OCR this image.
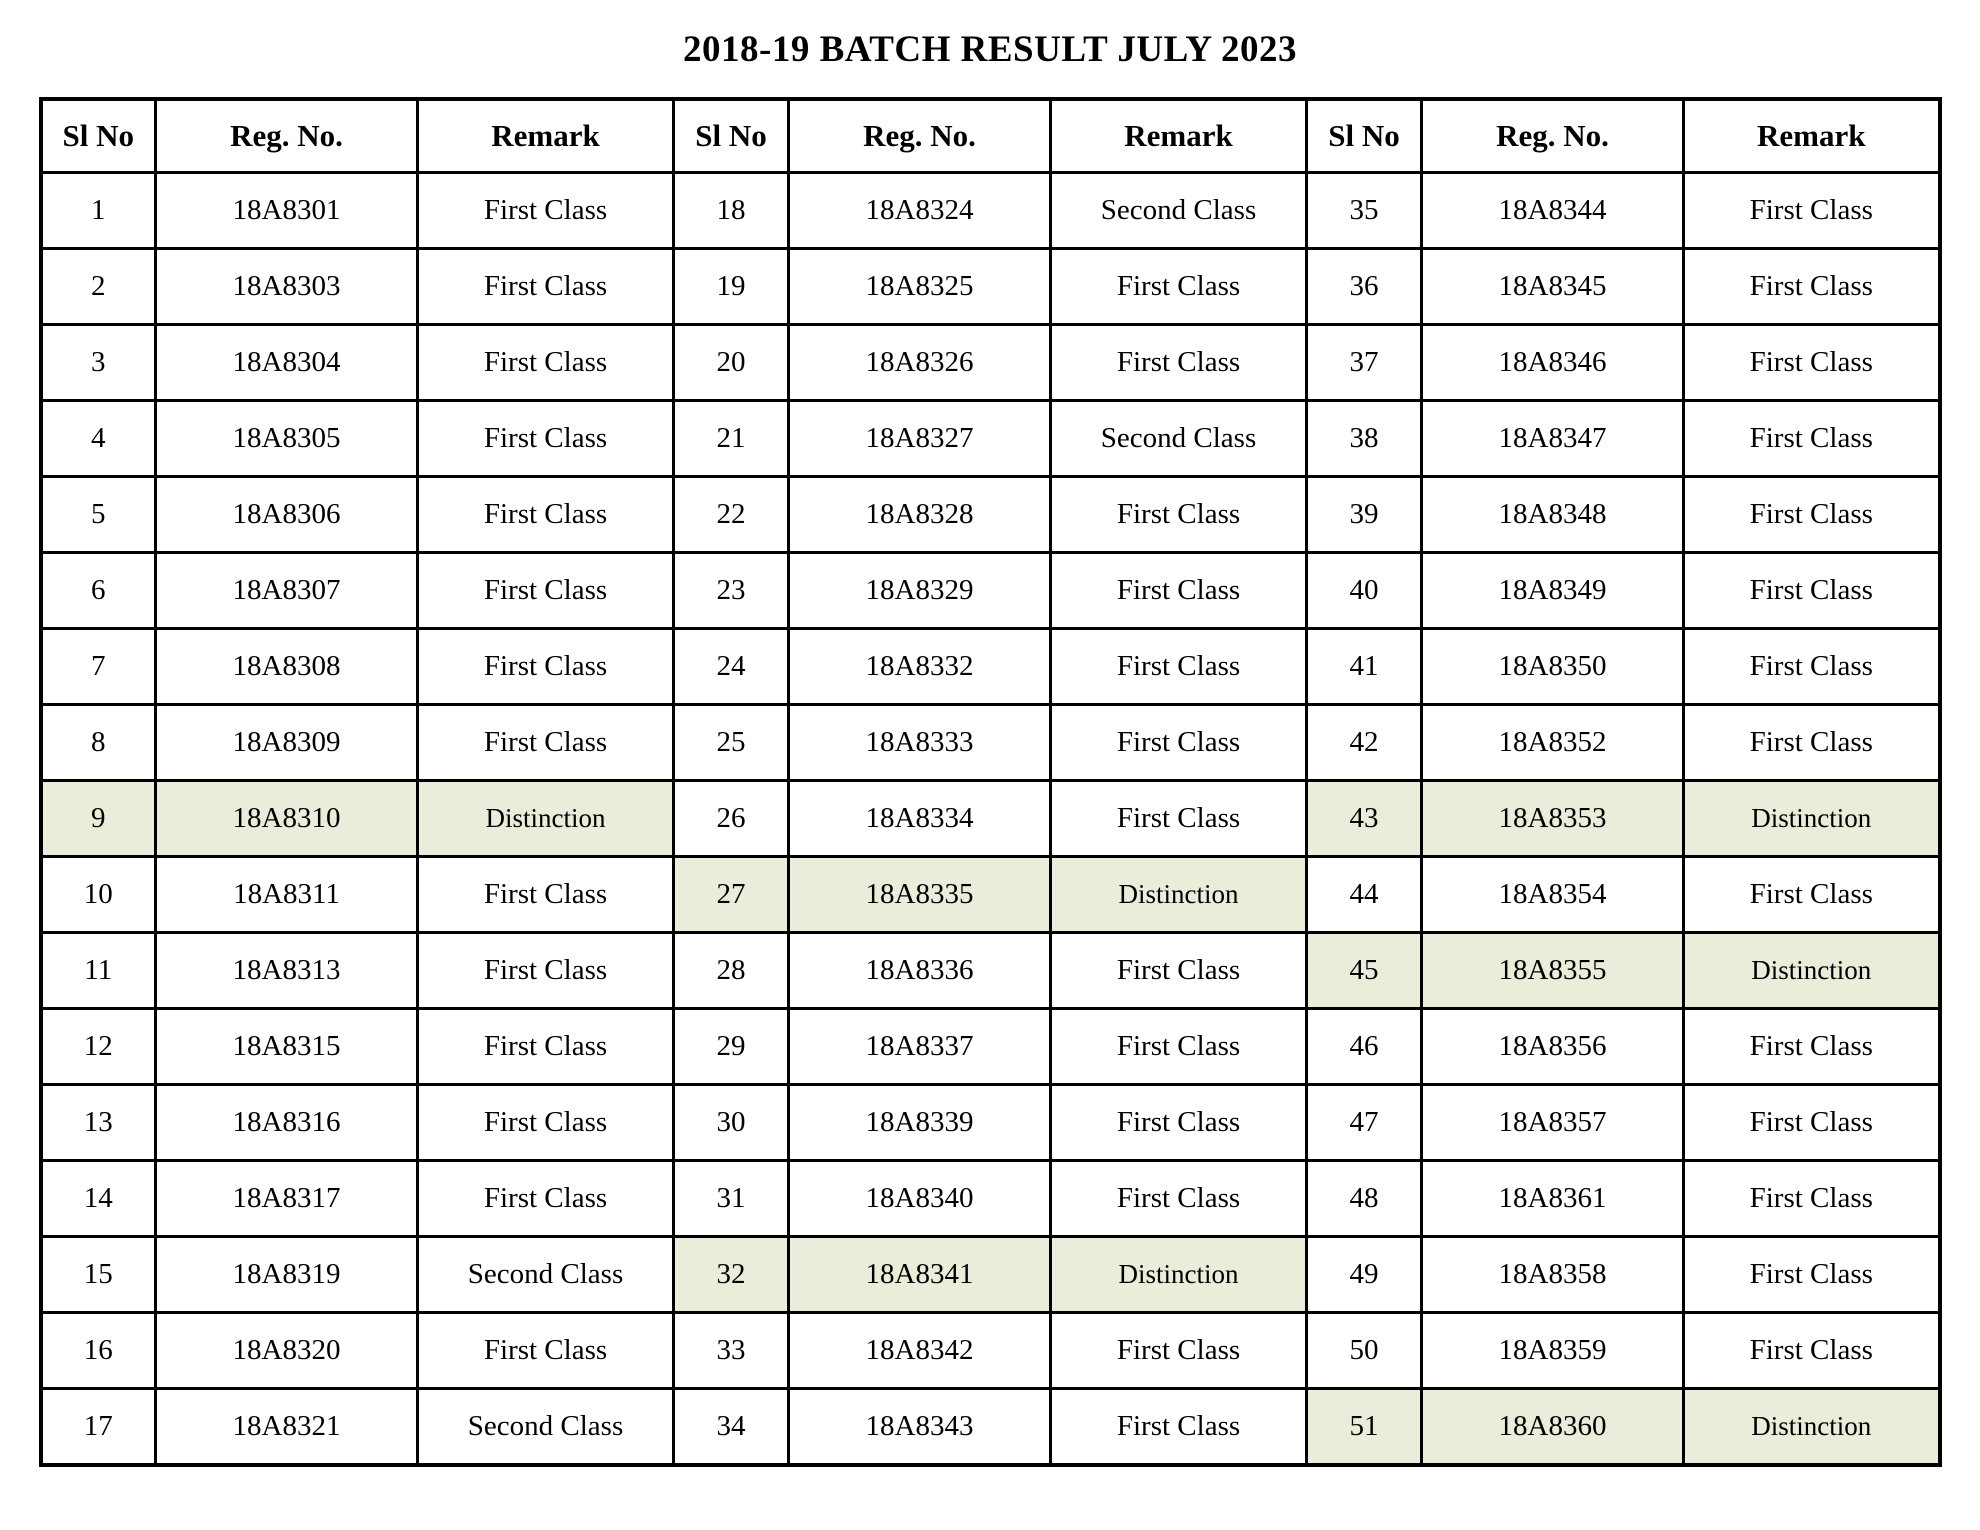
2018-19 BATCH RESULT JULY 2023
Sl No	Reg. No.	Remark	Sl No	Reg. No.	Remark	Sl No	Reg. No.	Remark
1	18A8301	First Class	18	18A8324	Second Class	35	18A8344	First Class
2	18A8303	First Class	19	18A8325	First Class	36	18A8345	First Class
3	18A8304	First Class	20	18A8326	First Class	37	18A8346	First Class
4	18A8305	First Class	21	18A8327	Second Class	38	18A8347	First Class
5	18A8306	First Class	22	18A8328	First Class	39	18A8348	First Class
6	18A8307	First Class	23	18A8329	First Class	40	18A8349	First Class
7	18A8308	First Class	24	18A8332	First Class	41	18A8350	First Class
8	18A8309	First Class	25	18A8333	First Class	42	18A8352	First Class
9	18A8310	Distinction	26	18A8334	First Class	43	18A8353	Distinction
10	18A8311	First Class	27	18A8335	Distinction	44	18A8354	First Class
11	18A8313	First Class	28	18A8336	First Class	45	18A8355	Distinction
12	18A8315	First Class	29	18A8337	First Class	46	18A8356	First Class
13	18A8316	First Class	30	18A8339	First Class	47	18A8357	First Class
14	18A8317	First Class	31	18A8340	First Class	48	18A8361	First Class
15	18A8319	Second Class	32	18A8341	Distinction	49	18A8358	First Class
16	18A8320	First Class	33	18A8342	First Class	50	18A8359	First Class
17	18A8321	Second Class	34	18A8343	First Class	51	18A8360	Distinction
